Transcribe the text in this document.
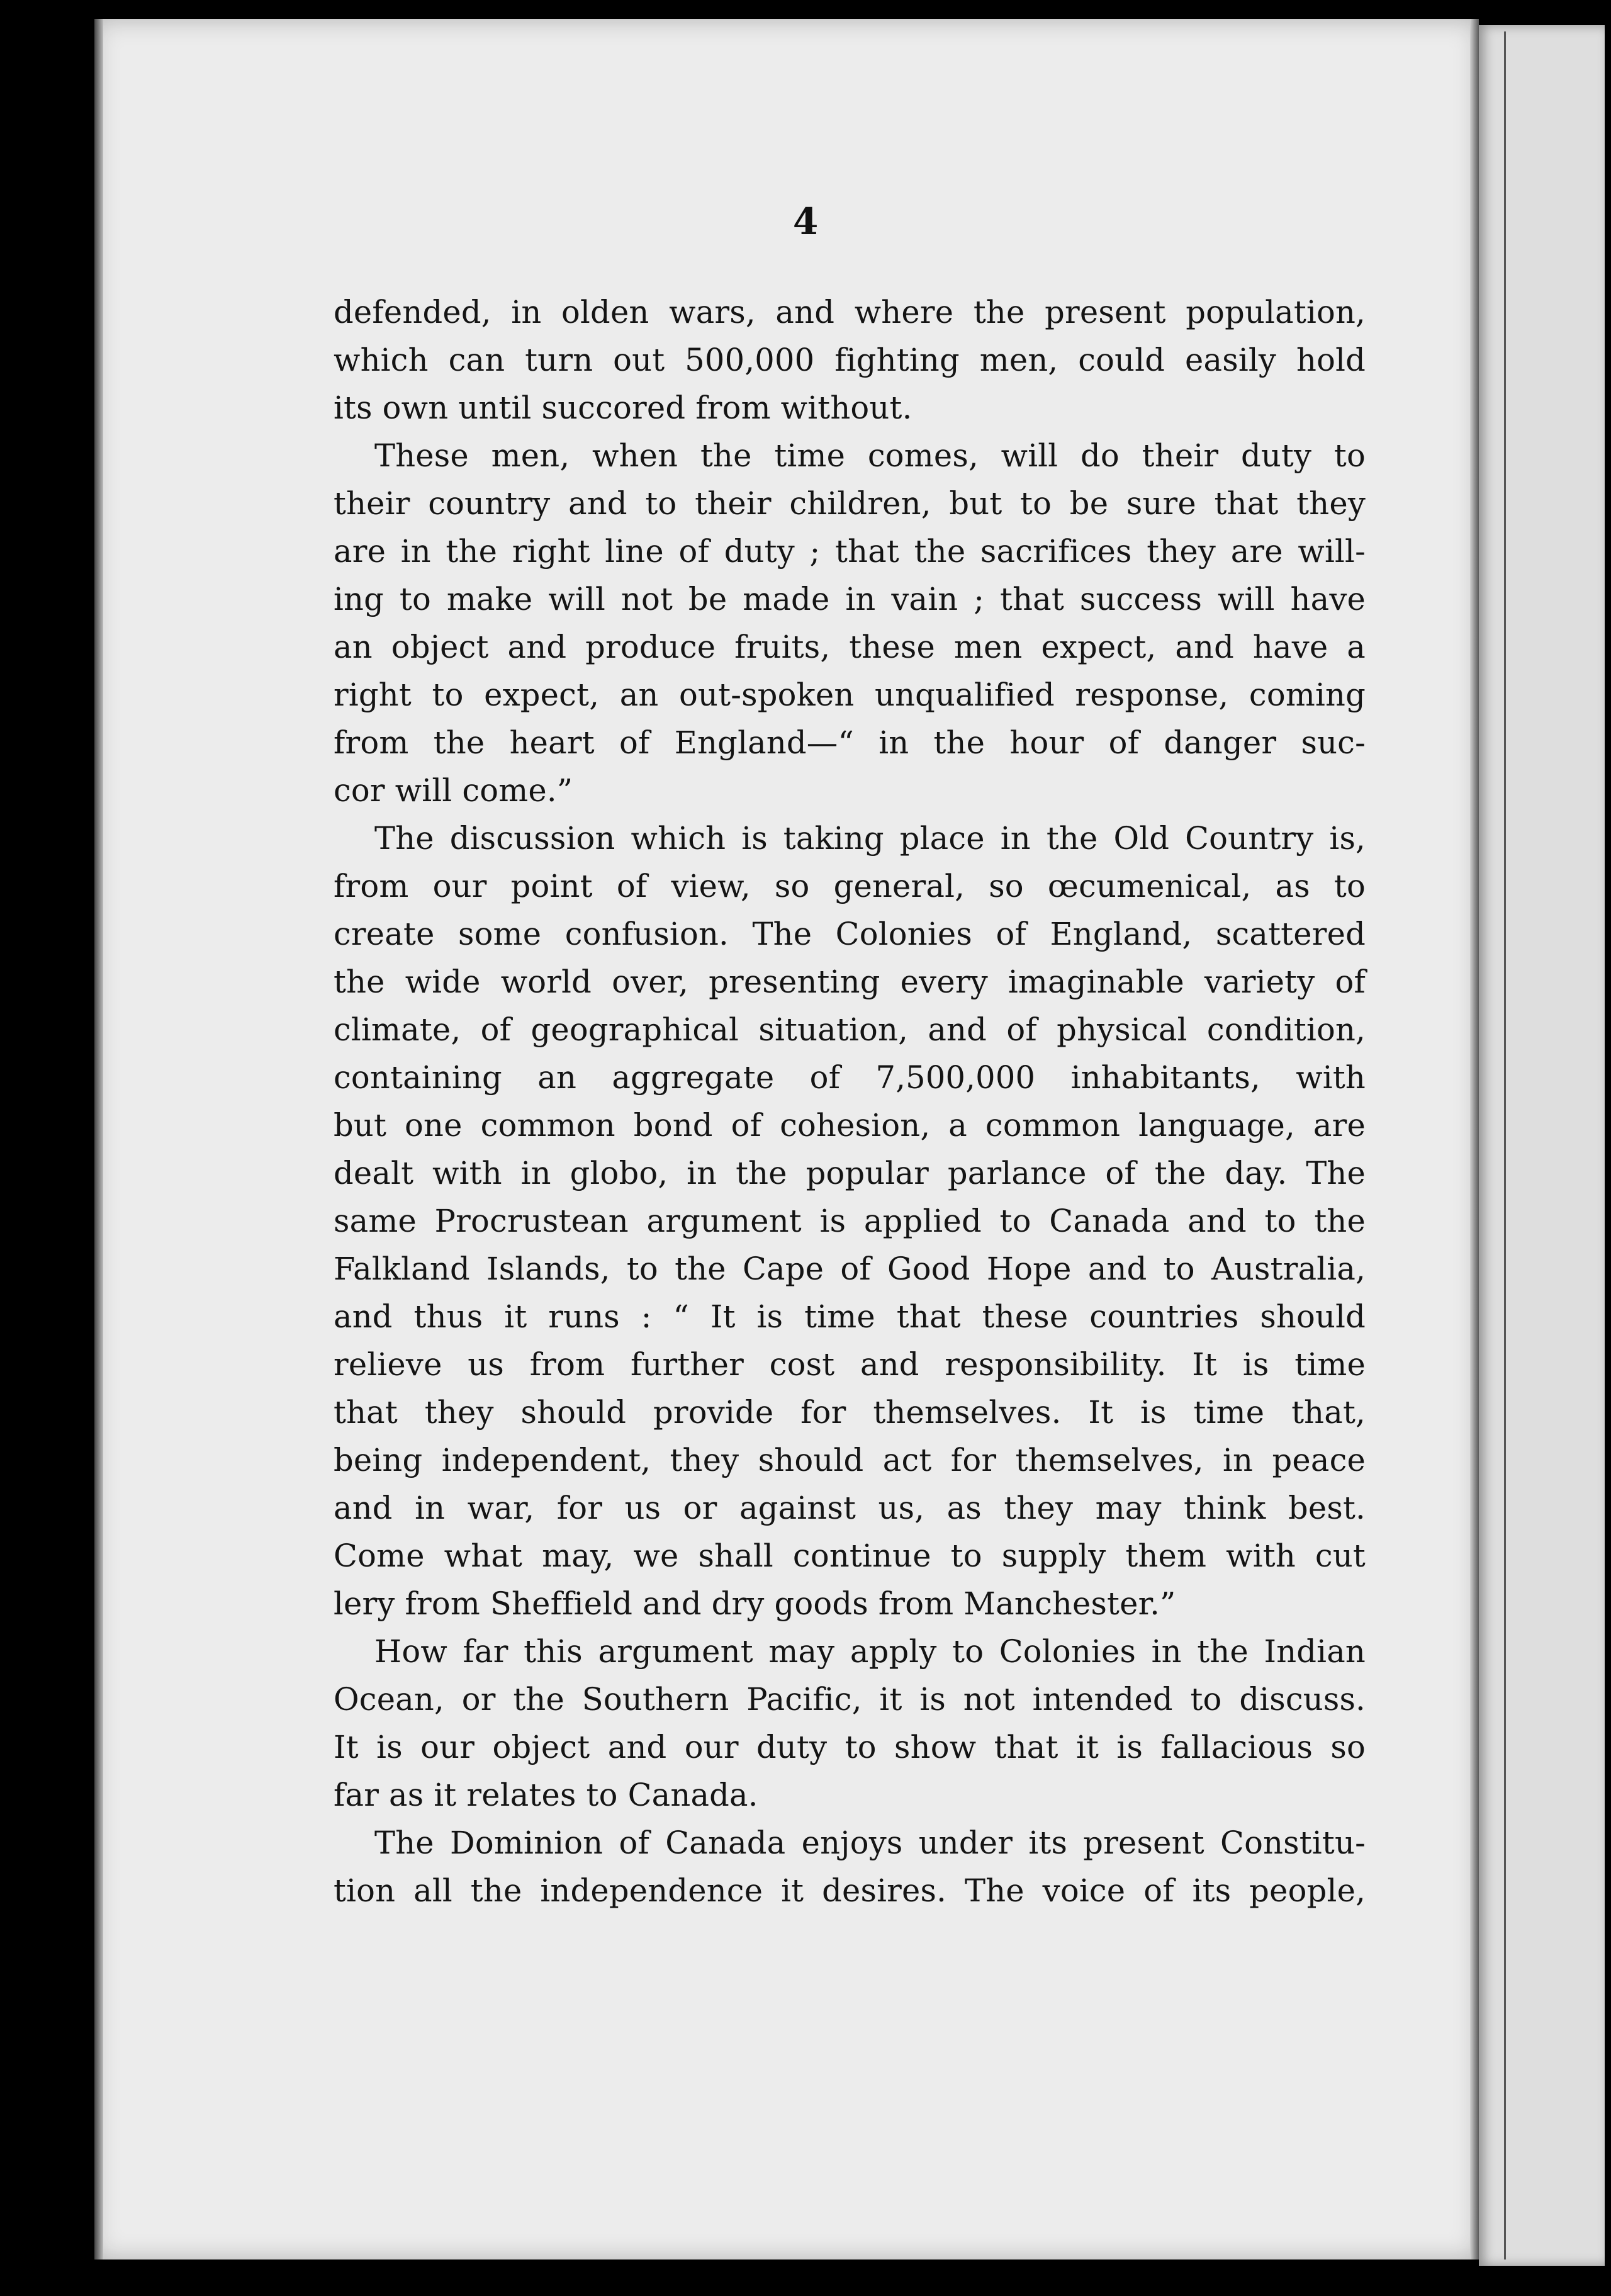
4
defended, in olden wars, and where the present population,
which can turn out 500,000 fighting men, could easily hold
its own until succored from without.
These men, when the time comes, will do their duty to
their country and to their children, but to be sure that they
are in the right line of duty ; that the sacrifices they are will-
ing to make will not be made in vain ; that success will have
an object and produce fruits, these men expect, and have a
right to expect, an out-spoken unqualified response, coming
from the heart of England—“ in the hour of danger suc-
cor will come.”
The discussion which is taking place in the Old Country is,
from our point of view, so general, so œcumenical, as to
create some confusion. The Colonies of England, scattered
the wide world over, presenting every imaginable variety of
climate, of geographical situation, and of physical condition,
containing an aggregate of 7,500,000 inhabitants, with
but one common bond of cohesion, a common language, are
dealt with in globo, in the popular parlance of the day. The
same Procrustean argument is applied to Canada and to the
Falkland Islands, to the Cape of Good Hope and to Australia,
and thus it runs : “ It is time that these countries should
relieve us from further cost and responsibility. It is time
that they should provide for themselves. It is time that,
being independent, they should act for themselves, in peace
and in war, for us or against us, as they may think best.
Come what may, we shall continue to supply them with cut
lery from Sheffield and dry goods from Manchester.”
How far this argument may apply to Colonies in the Indian
Ocean, or the Southern Pacific, it is not intended to discuss.
It is our object and our duty to show that it is fallacious so
far as it relates to Canada.
The Dominion of Canada enjoys under its present Constitu-
tion all the independence it desires. The voice of its people,
